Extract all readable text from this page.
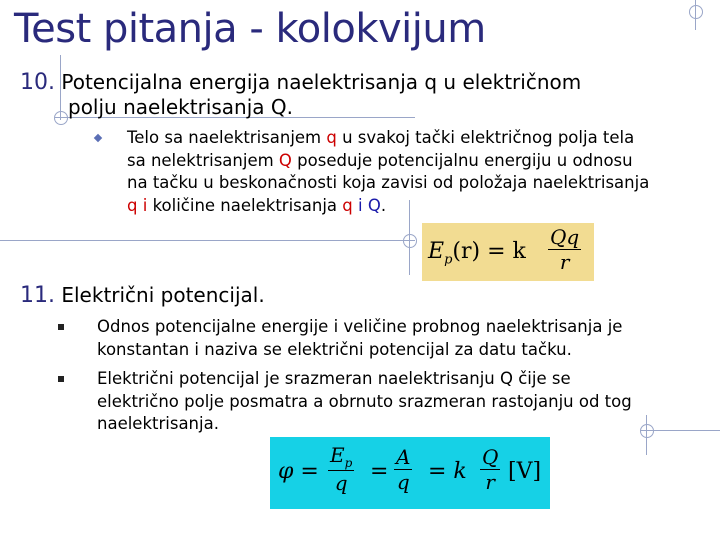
Test pitanja - kolokvijum
10. Potencijalna energija naelektrisanja q u električnom
polju naelektrisanja Q.
Telo sa naelektrisanjem q u svakoj tački električnog polja tela
sa nelektrisanjem Q poseduje potencijalnu energiju u odnosu
na tačku u beskonačnosti koja zavisi od položaja naelektrisanja
q i količine naelektrisanja q i Q.
$E_p(r) = k \frac{Qq}{r}$
11. Električni potencijal.
Odnos potencijalne energije i veličine probnog naelektrisanja je
konstantan i naziva se električni potencijal za datu tačku.
Električni potencijal je srazmeran naelektrisanju Q čije se
električno polje posmatra a obrnuto srazmeran rastojanju od tog
naelektrisanja.
$\varphi = \frac{E_p}{q} = \frac{A}{q} = k \frac{Q}{r} [V]$
